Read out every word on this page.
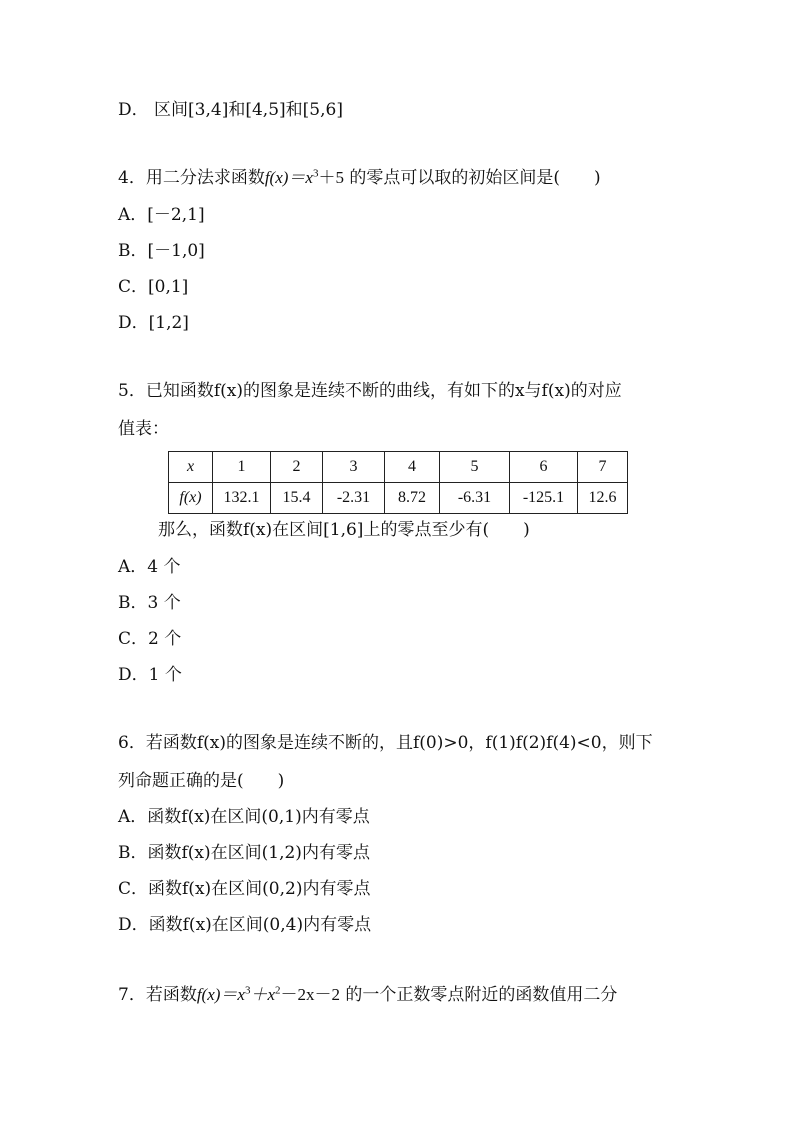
D． 区间[3,4]和[4,5]和[5,6]
4．用二分法求函数$f(x)=x^3+5$ 的零点可以取的初始区间是(　　)
A．[－2,1]
B．[－1,0]
C．[0,1]
D．[1,2]
5．已知函数f(x)的图象是连续不断的曲线，有如下的x与f(x)的对应
值表：
x	1	2	3	4	5	6	7
f(x)	132.1	15.4	-2.31	8.72	-6.31	-125.1	12.6
那么，函数f(x)在区间[1,6]上的零点至少有(　　)
A．4 个
B．3 个
C．2 个
D．1 个
6．若函数f(x)的图象是连续不断的，且f(0)>0，f(1)f(2)f(4)<0，则下
列命题正确的是(　　)
A．函数f(x)在区间(0,1)内有零点
B．函数f(x)在区间(1,2)内有零点
C．函数f(x)在区间(0,2)内有零点
D．函数f(x)在区间(0,4)内有零点
7．若函数$f(x)=x^3+x^2-2x-2$ 的一个正数零点附近的函数值用二分
